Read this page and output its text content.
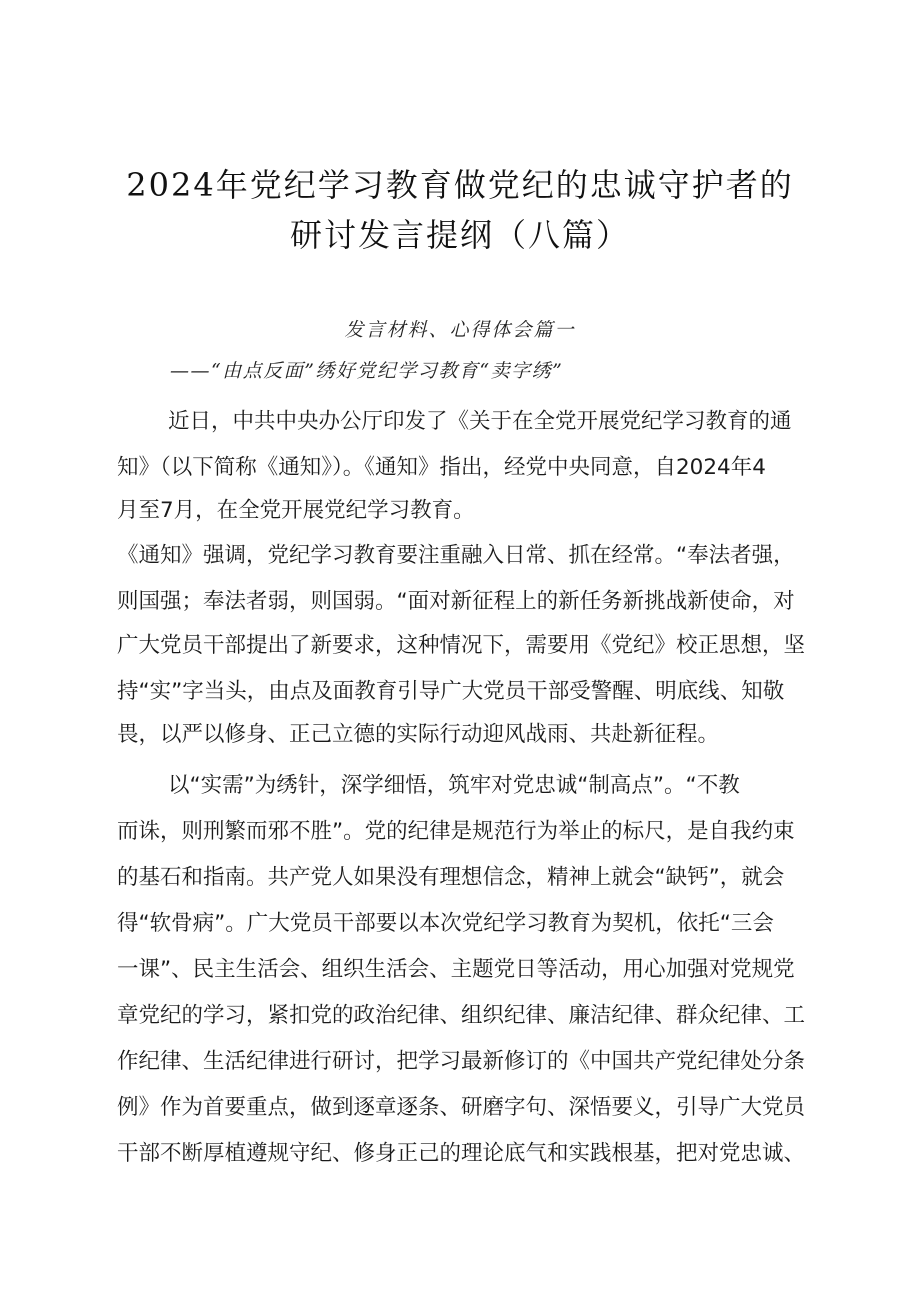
2024年党纪学习教育做党纪的忠诚守护者的
研讨发言提纲（八篇）
发言材料、心得体会篇一
——“由点反面”绣好党纪学习教育“卖字绣”
近日，中共中央办公厅印发了《关于在全党开展党纪学习教育的通
知》（以下简称《通知》）。《通知》指出，经党中央同意，自2024年4
月至7月，在全党开展党纪学习教育。
《通知》强调，党纪学习教育要注重融入日常、抓在经常。“奉法者强，
则国强；奉法者弱，则国弱。“面对新征程上的新任务新挑战新使命，对
广大党员干部提出了新要求，这种情况下，需要用《党纪》校正思想，坚
持“实”字当头，由点及面教育引导广大党员干部受警醒、明底线、知敬
畏，以严以修身、正己立德的实际行动迎风战雨、共赴新征程。
以“实需”为绣针，深学细悟，筑牢对党忠诚“制高点”。“不教
而诛，则刑繁而邪不胜”。党的纪律是规范行为举止的标尺，是自我约束
的基石和指南。共产党人如果没有理想信念，精神上就会“缺钙”，就会
得“软骨病”。广大党员干部要以本次党纪学习教育为契机，依托“三会
一课”、民主生活会、组织生活会、主题党日等活动，用心加强对党规党
章党纪的学习，紧扣党的政治纪律、组织纪律、廉洁纪律、群众纪律、工
作纪律、生活纪律进行研讨，把学习最新修订的《中国共产党纪律处分条
例》作为首要重点，做到逐章逐条、研磨字句、深悟要义，引导广大党员
干部不断厚植遵规守纪、修身正己的理论底气和实践根基，把对党忠诚、
